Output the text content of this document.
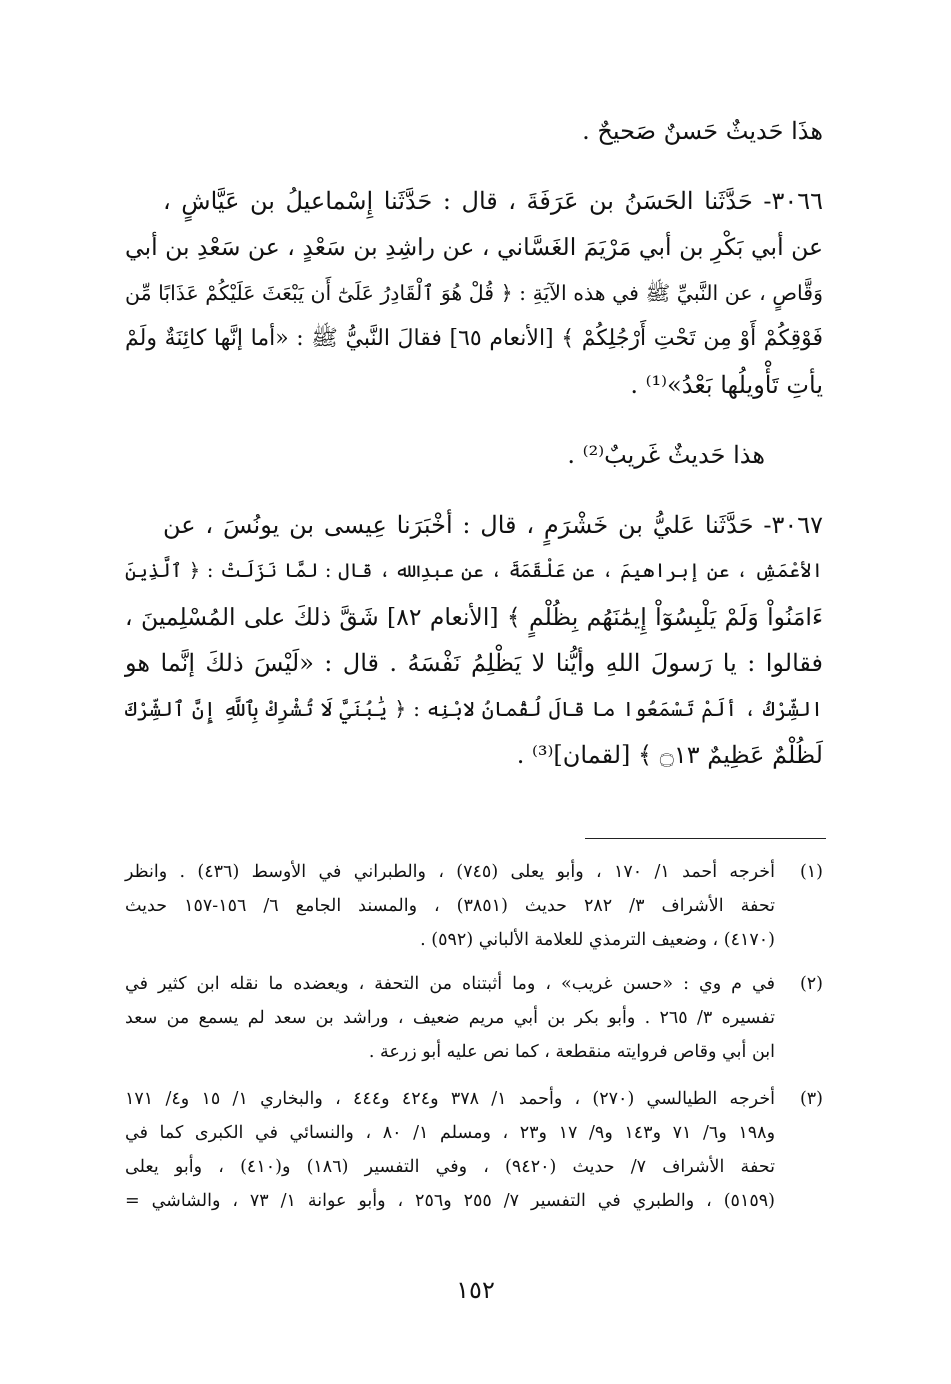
هذَا حَديثٌ حَسنٌ صَحيحٌ .

٣٠٦٦- حَدَّثَنا الحَسَنُ بن عَرَفَةَ ، قال : حَدَّثَنا إِسْماعيلُ بن عَيَّاشٍ ،

عن أبي بَكْرِ بن أبي مَرْيَمَ الغَسَّاني ، عن راشِدِ بن سَعْدٍ ، عن سَعْدِ بن أبي

وَقَّاصٍ ، عن النَّبيِّ ﷺ في هذه الآيَةِ : ﴿ قُلْ هُوَ ٱلْقَادِرُ عَلَىٰٓ أَن يَبْعَثَ عَلَيْكُمْ عَذَابًا مِّن

فَوْقِكُمْ أَوْ مِن تَحْتِ أَرْجُلِكُمْ ﴾ [الأنعام ٦٥] فقالَ النَّبيُّ ﷺ : «أما إنَّها كائِنَةٌ ولَمْ

يأتِ تَأْويلُها بَعْدُ»⁽¹⁾ .

هذا حَديثٌ غَريبٌ⁽²⁾ .

٣٠٦٧- حَدَّثَنا عَليُّ بن خَشْرَمٍ ، قال : أخْبَرَنا عِيسى بن يونُسَ ، عن

الأعْمَشِ ، عن إبراهيمَ ، عن عَلْقَمَةَ ، عن عبدِالله ، قال : لمَّا نَزَلَتْ : ﴿ ٱلَّذِينَ

ءَامَنُواْ وَلَمْ يَلْبِسُوٓاْ إِيمَٰنَهُم بِظُلْمٍ ﴾ [الأنعام ٨٢] شَقَّ ذلكَ على المُسْلِمينَ ،

فقالوا : يا رَسولَ اللهِ وأيُّنا لا يَظْلِمُ نَفْسَهُ . قال : «لَيْسَ ذلكَ إنَّما هو

الشِّرْكُ ، ألَمْ تَسْمَعُوا ما قالَ لُقْمانُ لابْنِه : ﴿ يَٰبُنَيَّ لَا تُشْرِكْ بِٱللَّهِ إِنَّ ٱلشِّرْكَ

لَظُلْمٌ عَظِيمٌ ۝١٣ ﴾ [لقمان]⁽³⁾ .

(١)

أخرجه أحمد ١/ ١٧٠ ، وأبو يعلى (٧٤٥) ، والطبراني في الأوسط (٤٣٦) . وانظر

تحفة الأشراف ٣/ ٢٨٢ حديث (٣٨٥١) ، والمسند الجامع ٦/ ١٥٦-١٥٧ حديث

(٤١٧٠) ، وضعيف الترمذي للعلامة الألباني (٥٩٢) .

(٢)

في م وي : «حسن غريب» ، وما أثبتناه من التحفة ، ويعضده ما نقله ابن كثير في

تفسيره ٣/ ٢٦٥ . وأبو بكر بن أبي مريم ضعيف ، وراشد بن سعد لم يسمع من سعد

ابن أبي وقاص فروايته منقطعة ، كما نص عليه أبو زرعة .

(٣)

أخرجه الطيالسي (٢٧٠) ، وأحمد ١/ ٣٧٨ و٤٢٤ و٤٤٤ ، والبخاري ١/ ١٥ و٤/ ١٧١

و١٩٨ و٦/ ٧١ و١٤٣ و٩/ ١٧ و٢٣ ، ومسلم ١/ ٨٠ ، والنسائي في الكبرى كما في

تحفة الأشراف ٧/ حديث (٩٤٢٠) ، وفي التفسير (١٨٦) و(٤١٠) ، وأبو يعلى

(٥١٥٩) ، والطبري في التفسير ٧/ ٢٥٥ و٢٥٦ ، وأبو عوانة ١/ ٧٣ ، والشاشي =

١٥٢
